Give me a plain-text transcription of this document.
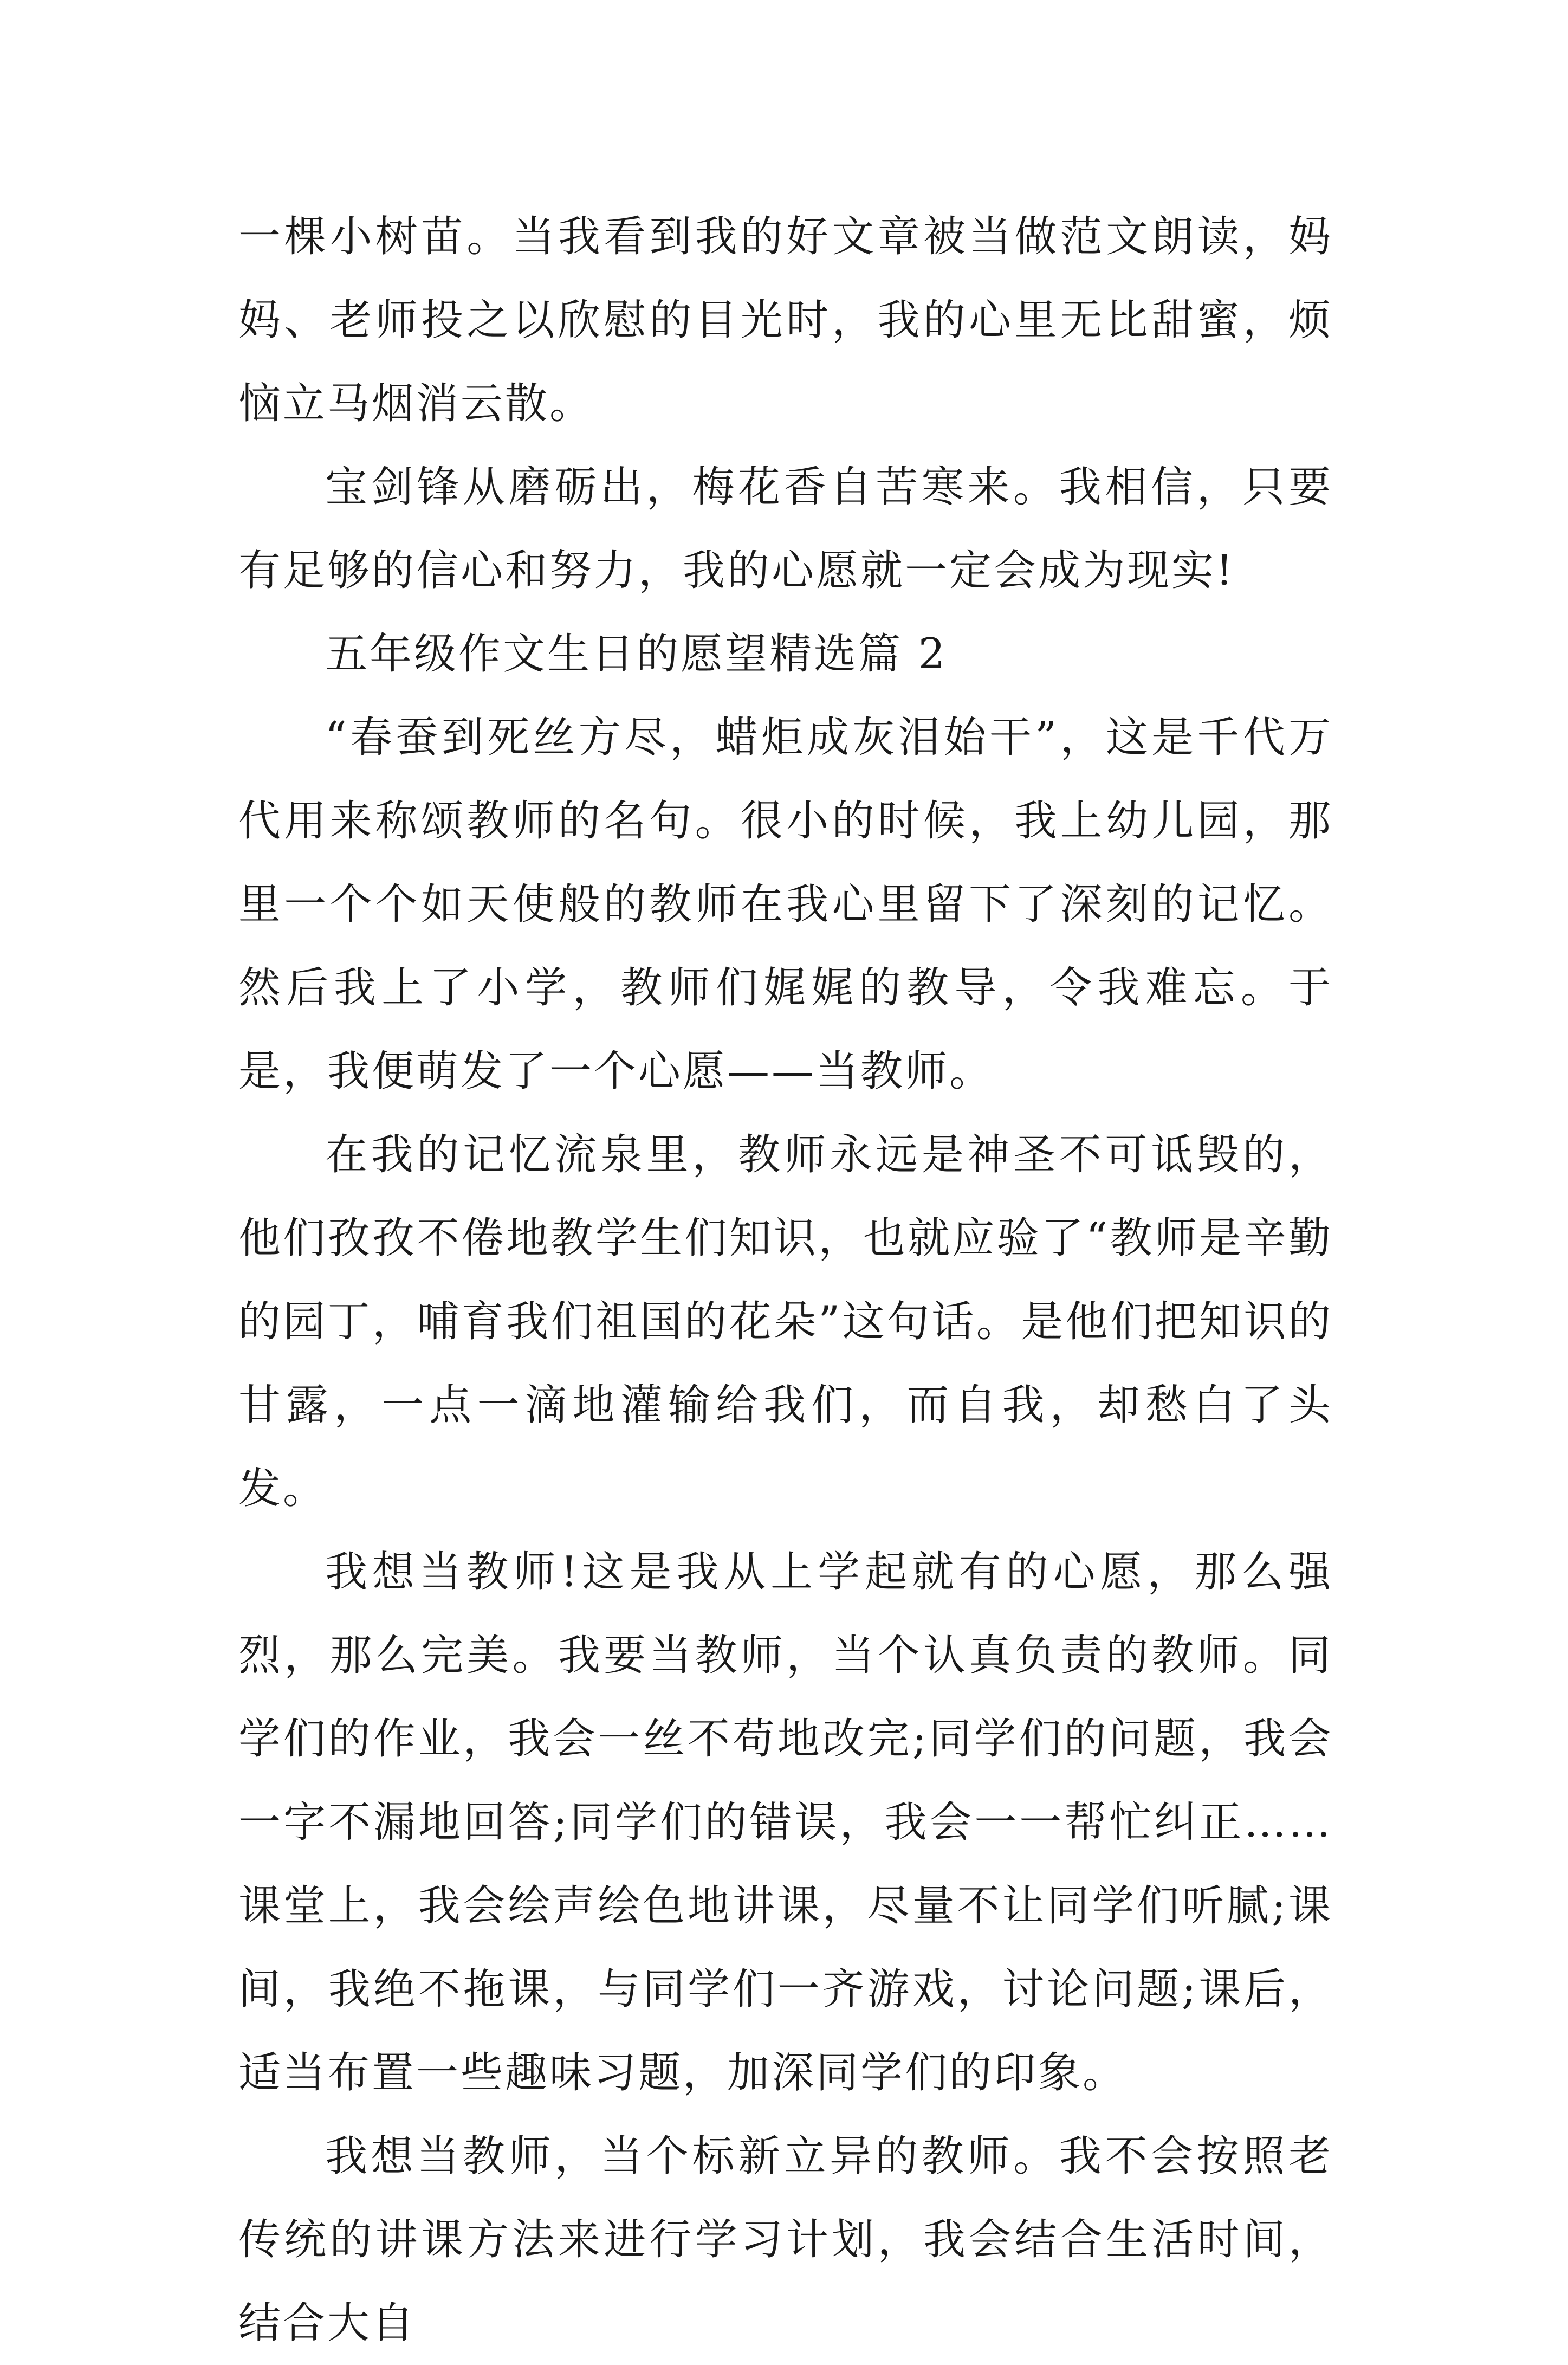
一棵小树苗。当我看到我的好文章被当做范文朗读，妈妈、老师投之以欣慰的目光时，我的心里无比甜蜜，烦恼立马烟消云散。

宝剑锋从磨砺出，梅花香自苦寒来。我相信，只要有足够的信心和努力，我的心愿就一定会成为现实!

五年级作文生日的愿望精选篇 2

“春蚕到死丝方尽，蜡炬成灰泪始干”，这是千代万代用来称颂教师的名句。很小的时候，我上幼儿园，那里一个个如天使般的教师在我心里留下了深刻的记忆。然后我上了小学，教师们娓娓的教导，令我难忘。于是，我便萌发了一个心愿——当教师。

在我的记忆流泉里，教师永远是神圣不可诋毁的，他们孜孜不倦地教学生们知识，也就应验了“教师是辛勤的园丁，哺育我们祖国的花朵”这句话。是他们把知识的甘露，一点一滴地灌输给我们，而自我，却愁白了头发。

我想当教师!这是我从上学起就有的心愿，那么强烈，那么完美。我要当教师，当个认真负责的教师。同学们的作业，我会一丝不苟地改完;同学们的问题，我会一字不漏地回答;同学们的错误，我会一一帮忙纠正……课堂上，我会绘声绘色地讲课，尽量不让同学们听腻;课间，我绝不拖课，与同学们一齐游戏，讨论问题;课后，适当布置一些趣味习题，加深同学们的印象。

我想当教师，当个标新立异的教师。我不会按照老传统的讲课方法来进行学习计划，我会结合生活时间，结合大自
